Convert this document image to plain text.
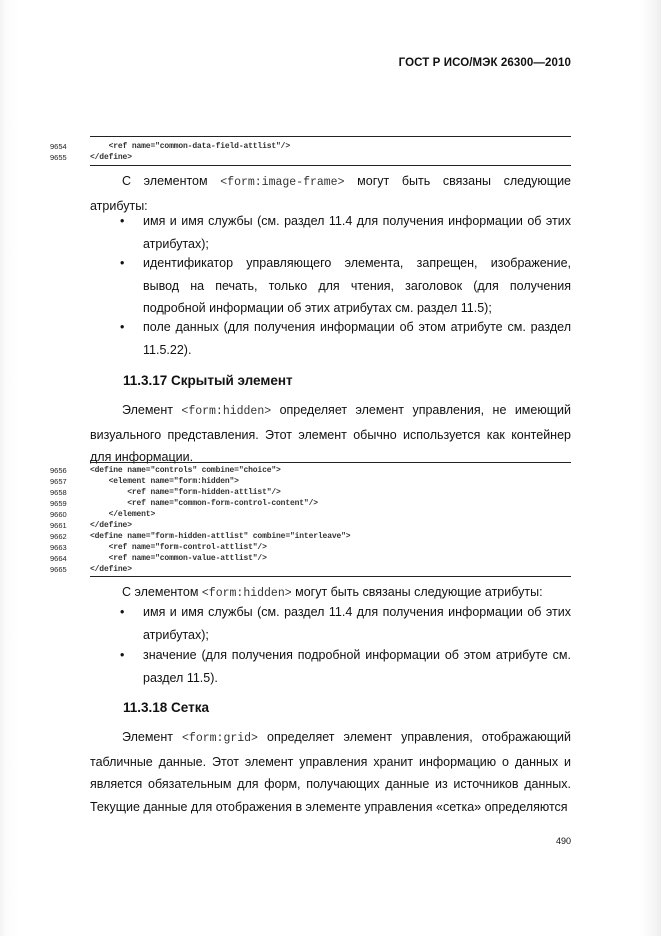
ГОСТ Р ИСО/МЭК 26300—2010
9654	<ref name="common-data-field-attlist"/>
9655	</define>
С элементом <form:image-frame> могут быть связаны следующие атрибуты:
• имя и имя службы (см. раздел 11.4 для получения информации об этих атрибутах);
• идентификатор управляющего элемента, запрещен, изображение, вывод на печать, только для чтения, заголовок (для получения подробной информации об этих атрибутах см. раздел 11.5);
• поле данных (для получения информации об этом атрибуте см. раздел 11.5.22).
11.3.17 Скрытый элемент
Элемент <form:hidden> определяет элемент управления, не имеющий визуального представления. Этот элемент обычно используется как контейнер для информации.
9656	<define name="controls" combine="choice">
9657	<element name="form:hidden">
9658	<ref name="form-hidden-attlist"/>
9659	<ref name="common-form-control-content"/>
9660	</element>
9661	</define>
9662	<define name="form-hidden-attlist" combine="interleave">
9663	<ref name="form-control-attlist"/>
9664	<ref name="common-value-attlist"/>
9665	</define>
С элементом <form:hidden> могут быть связаны следующие атрибуты:
• имя и имя службы (см. раздел 11.4 для получения информации об этих атрибутах);
• значение (для получения подробной информации об этом атрибуте см. раздел 11.5).
11.3.18 Сетка
Элемент <form:grid> определяет элемент управления, отображающий табличные данные. Этот элемент управления хранит информацию о данных и является обязательным для форм, получающих данные из источников данных. Текущие данные для отображения в элементе управления «сетка» определяются
490
